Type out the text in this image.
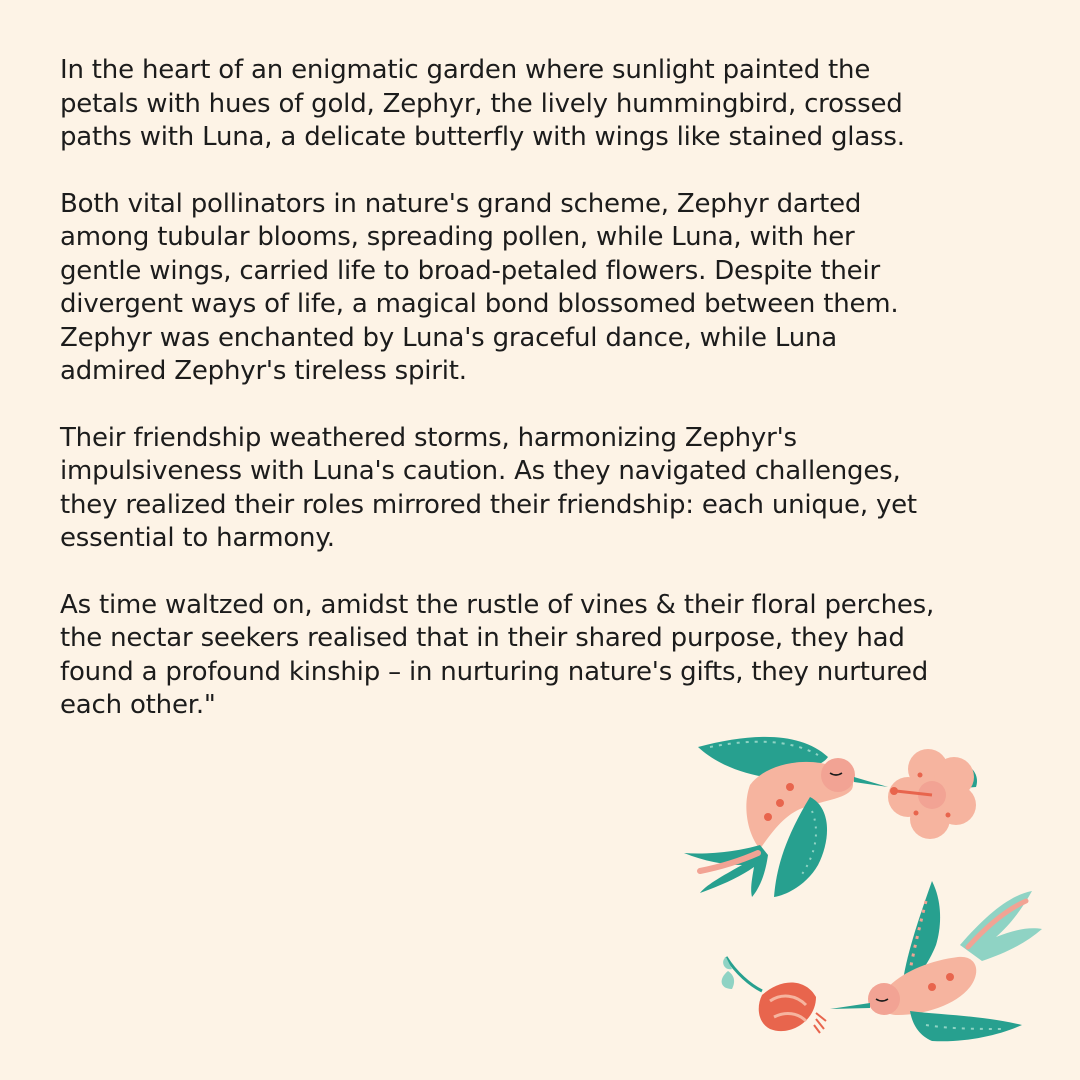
In the heart of an enigmatic garden where sunlight painted the
petals with hues of gold, Zephyr, the lively hummingbird, crossed
paths with Luna, a delicate butterfly with wings like stained glass.

Both vital pollinators in nature's grand scheme, Zephyr darted
among tubular blooms, spreading pollen, while Luna, with her
gentle wings, carried life to broad-petaled flowers. Despite their
divergent ways of life, a magical bond blossomed between them.
Zephyr was enchanted by Luna's graceful dance, while Luna
admired Zephyr's tireless spirit.

Their friendship weathered storms, harmonizing Zephyr's
impulsiveness with Luna's caution. As they navigated challenges,
they realized their roles mirrored their friendship: each unique, yet
essential to harmony.

As time waltzed on, amidst the rustle of vines & their floral perches,
the nectar seekers realised that in their shared purpose, they had
found a profound kinship – in nurturing nature's gifts, they nurtured
each other."
